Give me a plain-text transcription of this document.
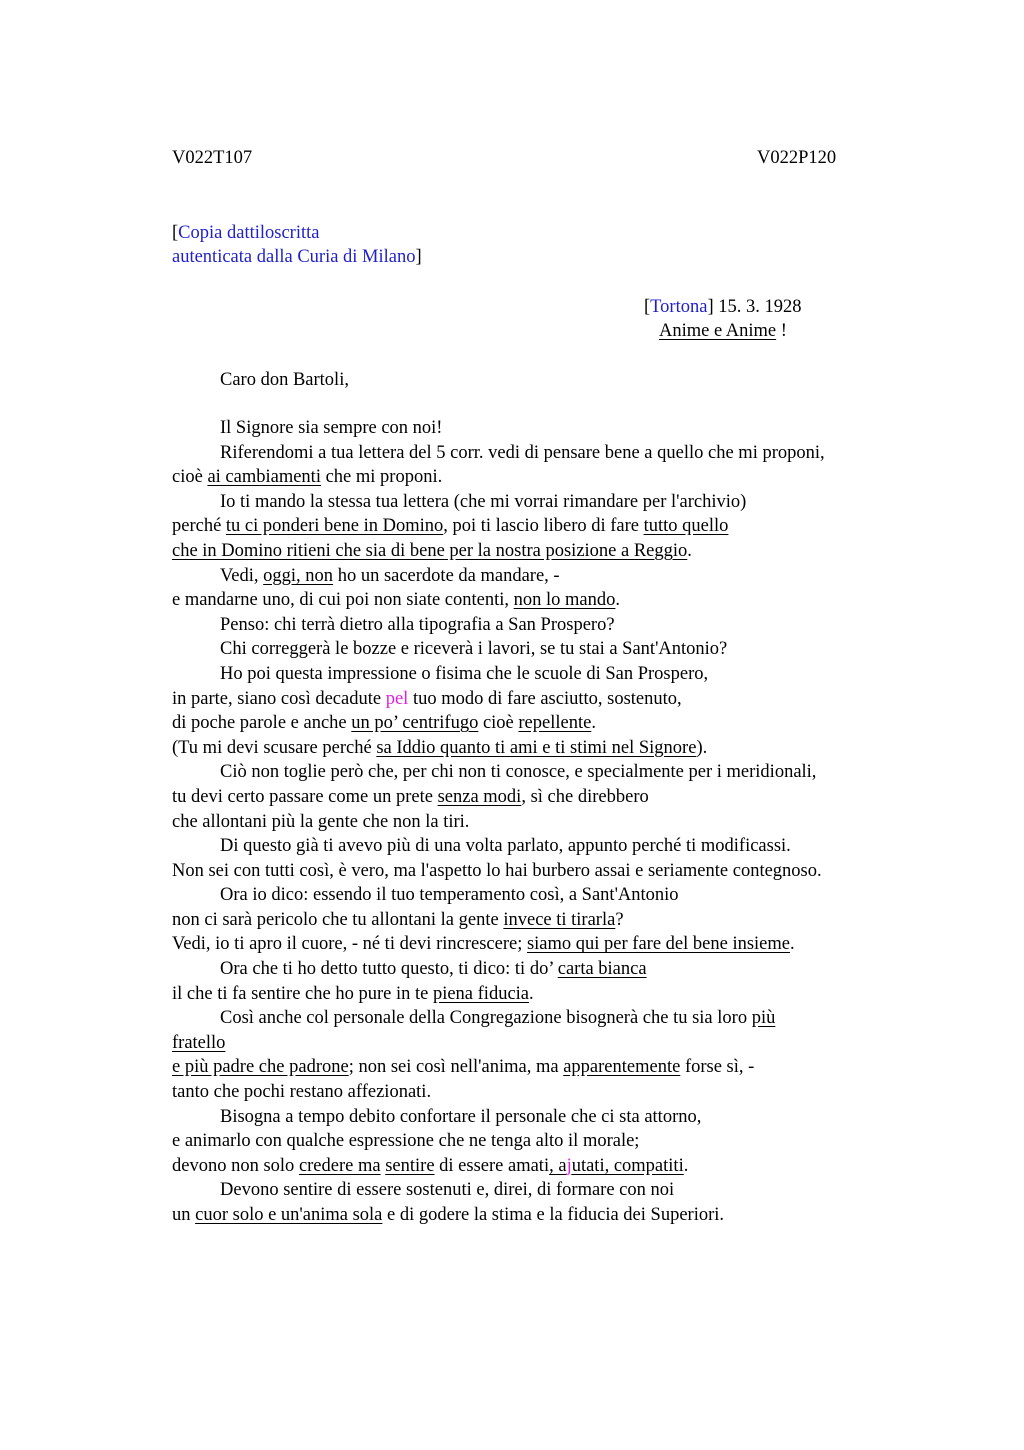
V022T107	V022P120
[Copia dattiloscritta
autenticata dalla Curia di Milano]
[Tortona] 15. 3. 1928
Anime e Anime !
Caro don Bartoli,
Il Signore sia sempre con noi!
Riferendomi a tua lettera del 5 corr. vedi di pensare bene a quello che mi proponi,
cioè ai cambiamenti che mi proponi.
Io ti mando la stessa tua lettera (che mi vorrai rimandare per l'archivio)
perché tu ci ponderi bene in Domino, poi ti lascio libero di fare tutto quello
che in Domino ritieni che sia di bene per la nostra posizione a Reggio.
Vedi, oggi, non ho un sacerdote da mandare, -
e mandarne uno, di cui poi non siate contenti, non lo mando.
Penso: chi terrà dietro alla tipografia a San Prospero?
Chi correggerà le bozze e riceverà i lavori, se tu stai a Sant'Antonio?
Ho poi questa impressione o fisima che le scuole di San Prospero,
in parte, siano così decadute pel tuo modo di fare asciutto, sostenuto,
di poche parole e anche un po’ centrifugo cioè repellente.
(Tu mi devi scusare perché sa Iddio quanto ti ami e ti stimi nel Signore).
Ciò non toglie però che, per chi non ti conosce, e specialmente per i meridionali,
tu devi certo passare come un prete senza modi, sì che direbbero
che allontani più la gente che non la tiri.
Di questo già ti avevo più di una volta parlato, appunto perché ti modificassi.
Non sei con tutti così, è vero, ma l'aspetto lo hai burbero assai e seriamente contegnoso.
Ora io dico: essendo il tuo temperamento così, a Sant'Antonio
non ci sarà pericolo che tu allontani la gente invece ti tirarla?
Vedi, io ti apro il cuore, - né ti devi rincrescere; siamo qui per fare del bene insieme.
Ora che ti ho detto tutto questo, ti dico: ti do’ carta bianca
il che ti fa sentire che ho pure in te piena fiducia.
Così anche col personale della Congregazione bisognerà che tu sia loro più
fratello
e più padre che padrone; non sei così nell'anima, ma apparentemente forse sì, -
tanto che pochi restano affezionati.
Bisogna a tempo debito confortare il personale che ci sta attorno,
e animarlo con qualche espressione che ne tenga alto il morale;
devono non solo credere ma sentire di essere amati, ajutati, compatiti.
Devono sentire di essere sostenuti e, direi, di formare con noi
un cuor solo e un'anima sola e di godere la stima e la fiducia dei Superiori.
